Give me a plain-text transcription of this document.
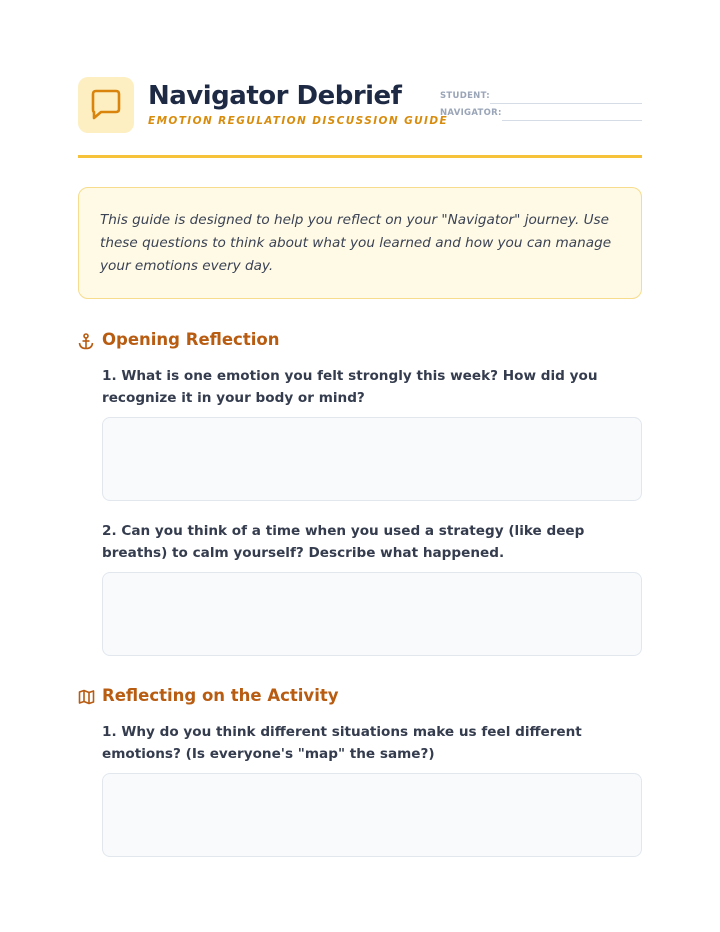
Navigator Debrief
EMOTION REGULATION DISCUSSION GUIDE
STUDENT:
NAVIGATOR:

This guide is designed to help you reflect on your "Navigator" journey. Use these questions to think about what you learned and how you can manage your emotions every day.

Opening Reflection
1. What is one emotion you felt strongly this week? How did you recognize it in your body or mind?
2. Can you think of a time when you used a strategy (like deep breaths) to calm yourself? Describe what happened.
Reflecting on the Activity
1. Why do you think different situations make us feel different emotions? (Is everyone's "map" the same?)
